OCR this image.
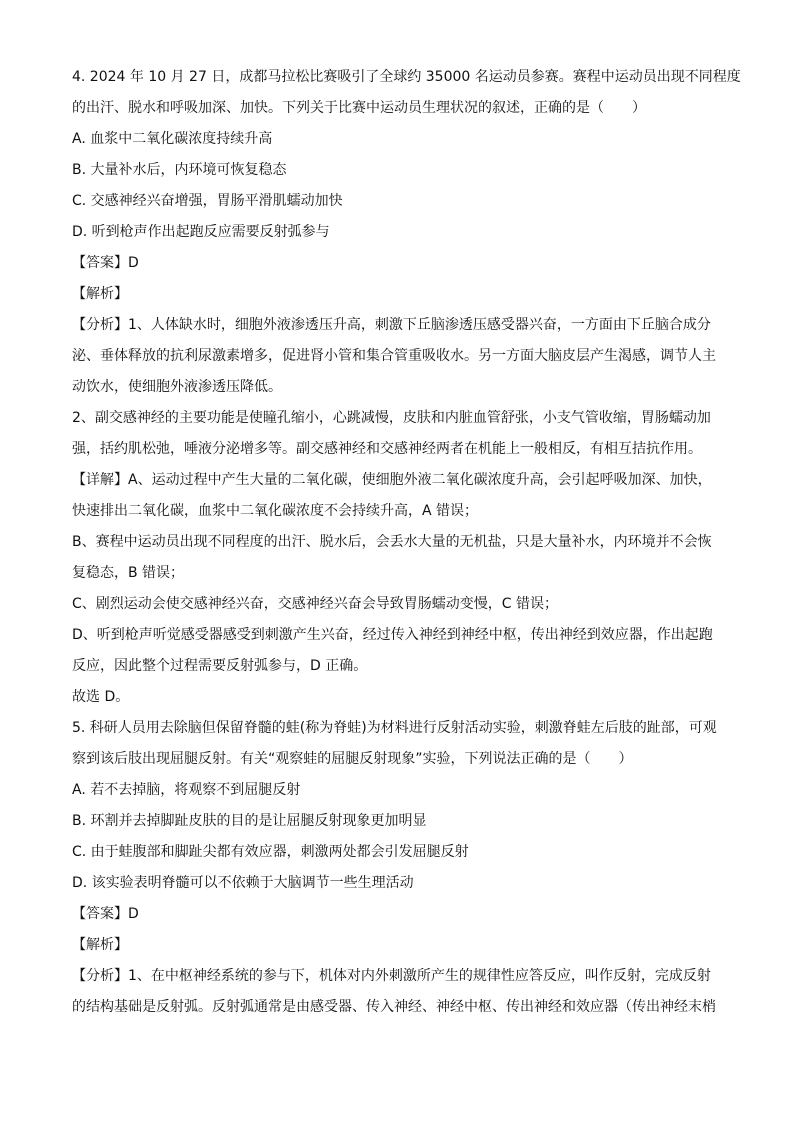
4. 2024 年 10 月 27 日，成都马拉松比赛吸引了全球约 35000 名运动员参赛。赛程中运动员出现不同程度
的出汗、脱水和呼吸加深、加快。下列关于比赛中运动员生理状况的叙述，正确的是（　　）
A. 血浆中二氧化碳浓度持续升高
B. 大量补水后，内环境可恢复稳态
C. 交感神经兴奋增强，胃肠平滑肌蠕动加快
D. 听到枪声作出起跑反应需要反射弧参与
【答案】D
【解析】
【分析】1、人体缺水时，细胞外液渗透压升高，刺激下丘脑渗透压感受器兴奋，一方面由下丘脑合成分
泌、垂体释放的抗利尿激素增多，促进肾小管和集合管重吸收水。另一方面大脑皮层产生渴感，调节人主
动饮水，使细胞外液渗透压降低。
2、副交感神经的主要功能是使瞳孔缩小，心跳减慢，皮肤和内脏血管舒张，小支气管收缩，胃肠蠕动加
强，括约肌松弛，唾液分泌增多等。副交感神经和交感神经两者在机能上一般相反，有相互拮抗作用。
【详解】A、运动过程中产生大量的二氧化碳，使细胞外液二氧化碳浓度升高，会引起呼吸加深、加快，
快速排出二氧化碳，血浆中二氧化碳浓度不会持续升高，A 错误；
B、赛程中运动员出现不同程度的出汗、脱水后，会丢水大量的无机盐，只是大量补水，内环境并不会恢
复稳态，B 错误；
C、剧烈运动会使交感神经兴奋，交感神经兴奋会导致胃肠蠕动变慢，C 错误；
D、听到枪声听觉感受器感受到刺激产生兴奋，经过传入神经到神经中枢，传出神经到效应器，作出起跑
反应，因此整个过程需要反射弧参与，D 正确。
故选 D。
5. 科研人员用去除脑但保留脊髓的蛙(称为脊蛙)为材料进行反射活动实验，刺激脊蛙左后肢的趾部，可观
察到该后肢出现屈腿反射。有关“观察蛙的屈腿反射现象”实验，下列说法正确的是（　　）
A. 若不去掉脑，将观察不到屈腿反射
B. 环割并去掉脚趾皮肤的目的是让屈腿反射现象更加明显
C. 由于蛙腹部和脚趾尖都有效应器，刺激两处都会引发屈腿反射
D. 该实验表明脊髓可以不依赖于大脑调节一些生理活动
【答案】D
【解析】
【分析】1、在中枢神经系统的参与下，机体对内外刺激所产生的规律性应答反应，叫作反射，完成反射
的结构基础是反射弧。反射弧通常是由感受器、传入神经、神经中枢、传出神经和效应器（传出神经末梢
